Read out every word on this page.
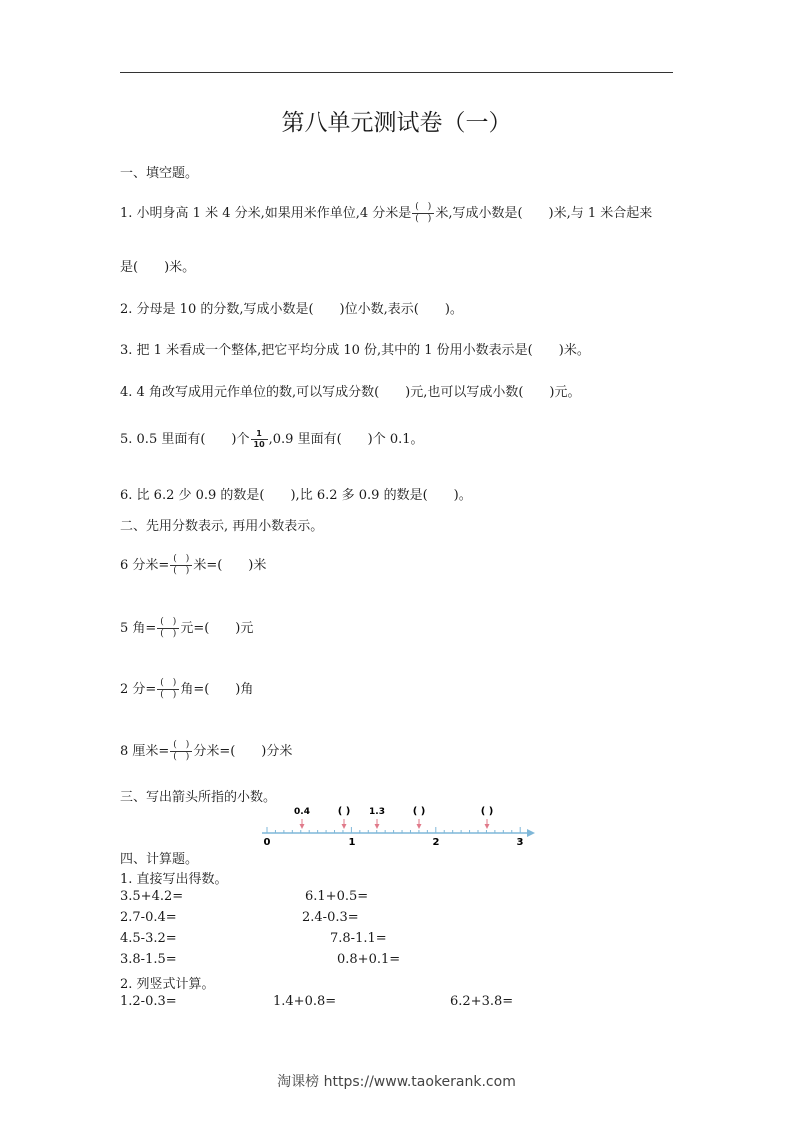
第八单元测试卷（一）
一、填空题。
1. 小明身高 1 米 4 分米,如果用米作单位,4 分米是 $\frac{( )}{( )}$ 米,写成小数是(　　)米,与 1 米合起来
是(　　)米。
2. 分母是 10 的分数,写成小数是(　　)位小数,表示(　　)。
3. 把 1 米看成一个整体,把它平均分成 10 份,其中的 1 份用小数表示是(　　)米。
4. 4 角改写成用元作单位的数,可以写成分数(　　)元,也可以写成小数(　　)元。
5. 0.5 里面有(　　)个 $\frac{1}{10} ,0.9$ 里面有(　　)个 0.1。
6. 比 6.2 少 0.9 的数是(　　),比 6.2 多 0.9 的数是(　　)。
二、先用分数表示, 再用小数表示。
6 分米= $\frac{( )}{( )}$ 米=(　　)米
5 角= $\frac{( )}{( )}$ 元=(　　)元
2 分= $\frac{( )}{( )}$ 角=(　　)角
8 厘米= $\frac{( )}{( )}$ 分米=(　　)分米
三、写出箭头所指的小数。
0.4	( ) 1.3	( )	( )
0	1	2	3
四、计算题。
1. 直接写出得数。
3.5+4.2=	6.1+0.5=
2.7-0.4=	2.4-0.3=
4.5-3.2=	7.8-1.1=
3.8-1.5=	0.8+0.1=
2. 列竖式计算。
1.2-0.3=	1.4+0.8=	6.2+3.8=
淘课榜 https://www.taokerank.com
